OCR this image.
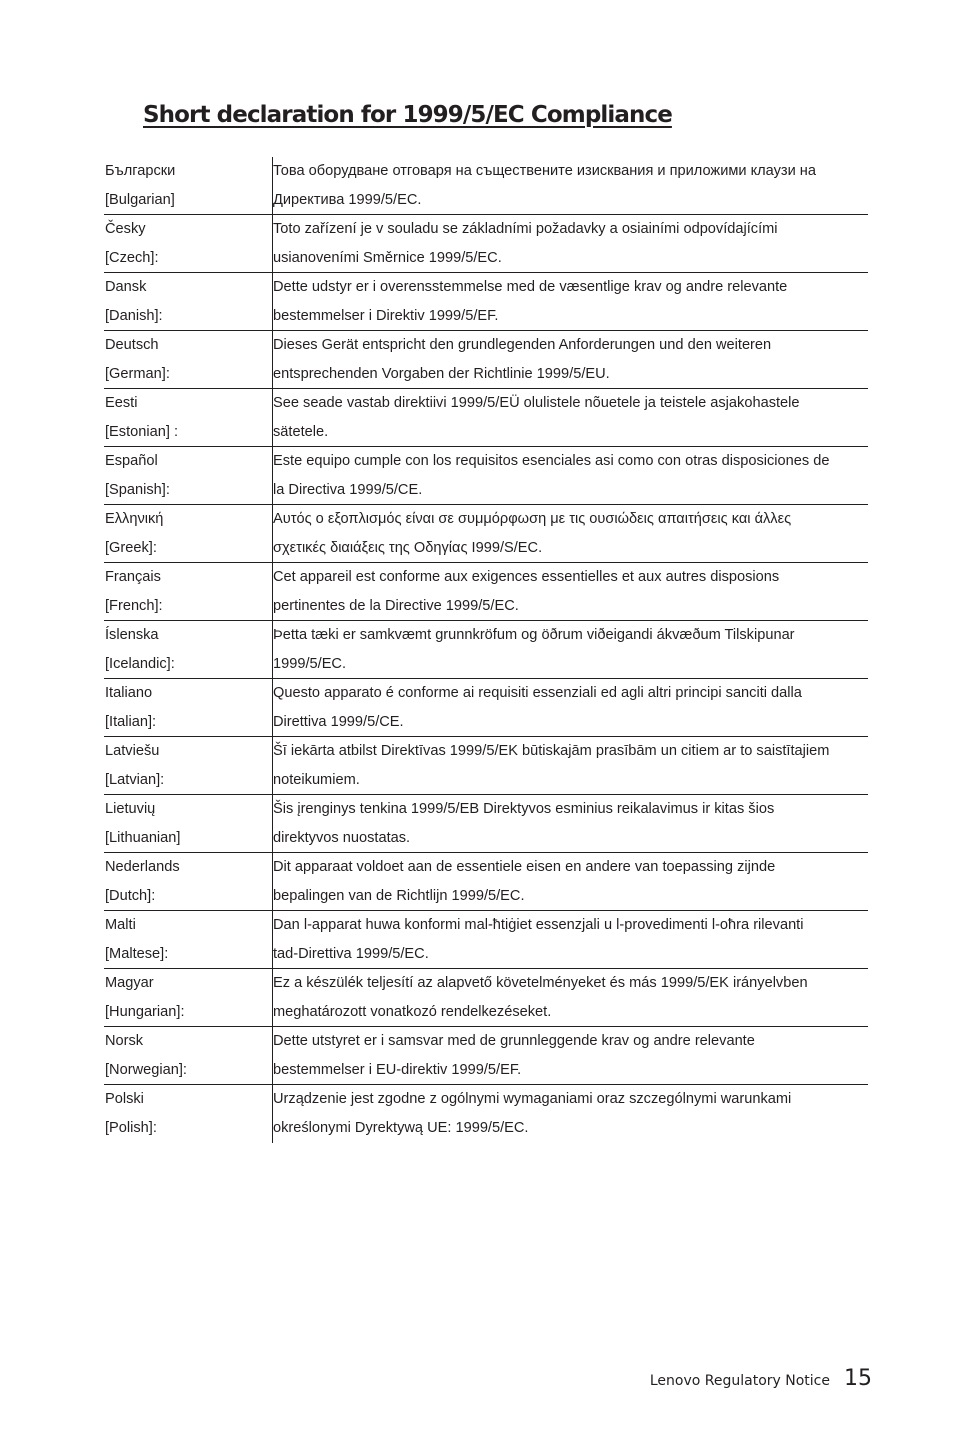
Short declaration for 1999/5/EC Compliance
Български
[Bulgarian]
Това оборудване отговаря на съществените изисквания и приложими клаузи на
Директива 1999/5/EC.
Česky
[Czech]:
Toto zařízení je v souladu se základními požadavky a osiainími odpovídajícími
usianoveními Směrnice 1999/5/EC.
Dansk
[Danish]:
Dette udstyr er i overensstemmelse med de væsentlige krav og andre relevante
bestemmelser i Direktiv 1999/5/EF.
Deutsch
[German]:
Dieses Gerät entspricht den grundlegenden Anforderungen und den weiteren
entsprechenden Vorgaben der Richtlinie 1999/5/EU.
Eesti
[Estonian] :
See seade vastab direktiivi 1999/5/EÜ olulistele nõuetele ja teistele asjakohastele
sätetele.
Español
[Spanish]:
Este equipo cumple con los requisitos esenciales asi como con otras disposiciones de
la Directiva 1999/5/CE.
Ελληνική
[Greek]:
Αυτός ο εξοπλισμός είναι σε συμμόρφωση με τις ουσιώδεις απαιτήσεις και άλλες
σχετικές διαιάξεις της Οδηγίας I999/S/EC.
Français
[French]:
Cet appareil est conforme aux exigences essentielles et aux autres disposions
pertinentes de la Directive 1999/5/EC.
Íslenska
[Icelandic]:
Þetta tæki er samkvæmt grunnkröfum og öðrum viðeigandi ákvæðum Tilskipunar
1999/5/EC.
Italiano
[Italian]:
Questo apparato é conforme ai requisiti essenziali ed agli altri principi sanciti dalla
Direttiva 1999/5/CE.
Latviešu
[Latvian]:
Šī iekārta atbilst Direktīvas 1999/5/EK būtiskajām prasībām un citiem ar to saistītajiem
noteikumiem.
Lietuvių
[Lithuanian]
Šis įrenginys tenkina 1999/5/EB Direktyvos esminius reikalavimus ir kitas šios
direktyvos nuostatas.
Nederlands
[Dutch]:
Dit apparaat voldoet aan de essentiele eisen en andere van toepassing zijnde
bepalingen van de Richtlijn 1999/5/EC.
Malti
[Maltese]:
Dan l-apparat huwa konformi mal-ħtiġiet essenzjali u l-provedimenti l-oħra rilevanti
tad-Direttiva 1999/5/EC.
Magyar
[Hungarian]:
Ez a készülék teljesítí az alapvető követelményeket és más 1999/5/EK irányelvben
meghatározott vonatkozó rendelkezéseket.
Norsk
[Norwegian]:
Dette utstyret er i samsvar med de grunnleggende krav og andre relevante
bestemmelser i EU-direktiv 1999/5/EF.
Polski
[Polish]:
Urządzenie jest zgodne z ogólnymi wymaganiami oraz szczególnymi warunkami
określonymi Dyrektywą UE: 1999/5/EC.
Lenovo Regulatory Notice 15
